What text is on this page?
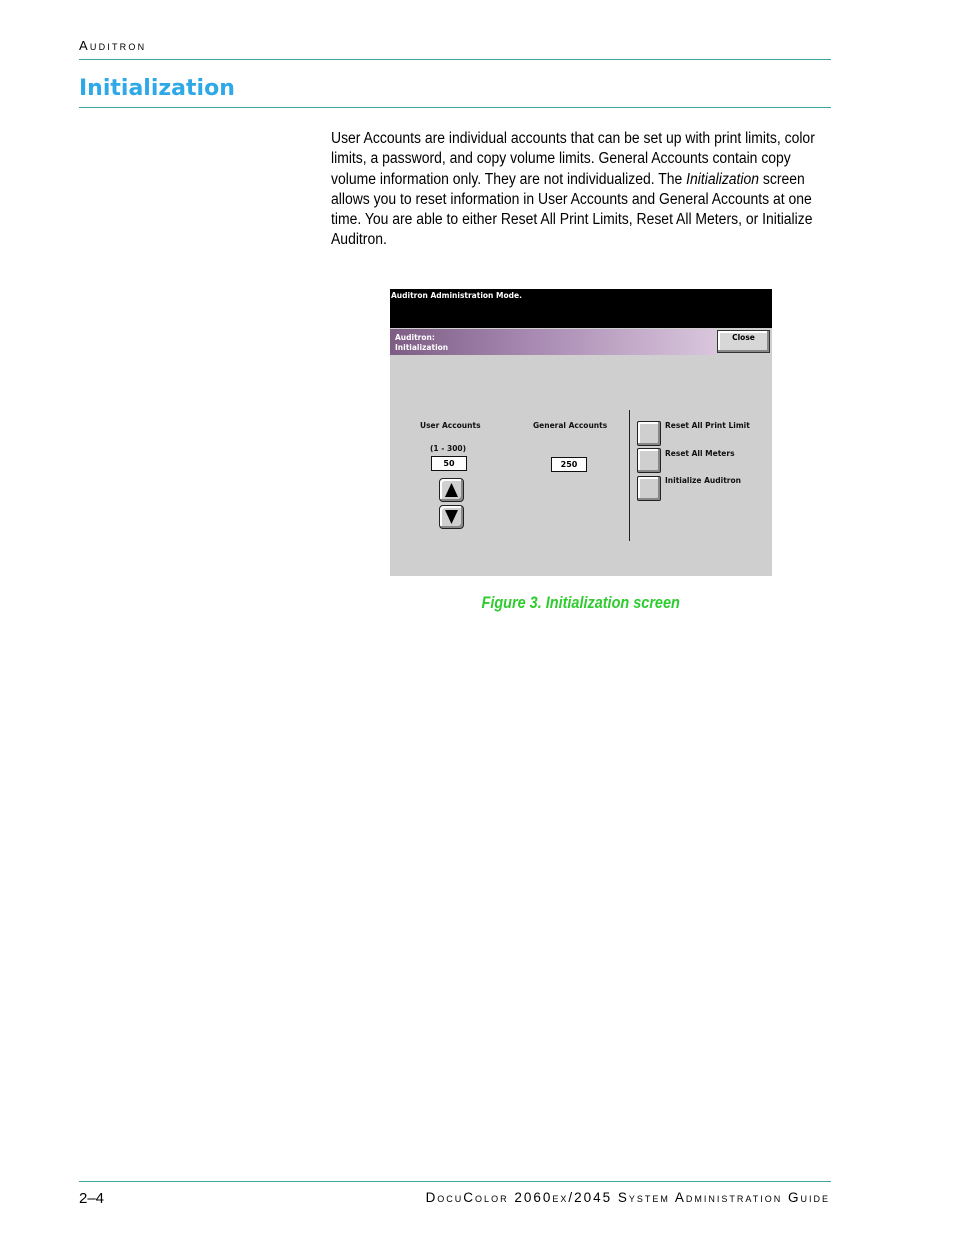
Auditron
Initialization
User Accounts are individual accounts that can be set up with print limits, color limits, a password, and copy volume limits. General Accounts contain copy volume information only. They are not individualized. The Initialization screen allows you to reset information in User Accounts and General Accounts at one time. You are able to either Reset All Print Limits, Reset All Meters, or Initialize Auditron.
Auditron Administration Mode.
Auditron:
Initialization
Close
User Accounts
(1 - 300)
50
General Accounts
250
Reset All Print Limit
Reset All Meters
Initialize Auditron
Figure 3. Initialization screen
2–4	DocuColor 2060ex/2045 System Administration Guide
